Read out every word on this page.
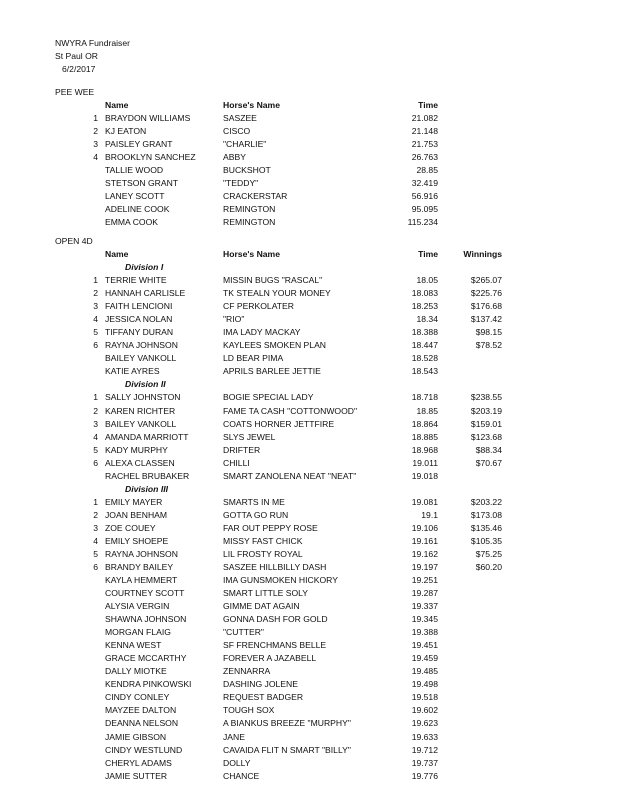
NWYRA Fundraiser
St Paul OR
6/2/2017
PEE WEE
Name	Horse's Name	Time
1 BRAYDON WILLIAMS	SASZEE	21.082
2 KJ EATON	CISCO	21.148
3 PAISLEY GRANT	"CHARLIE"	21.753
4 BROOKLYN SANCHEZ	ABBY	26.763
TALLIE WOOD	BUCKSHOT	28.85
STETSON GRANT	"TEDDY"	32.419
LANEY SCOTT	CRACKERSTAR	56.916
ADELINE COOK	REMINGTON	95.095
EMMA COOK	REMINGTON	115.234
OPEN 4D
Name	Horse's Name	Time	Winnings
Division I
1 TERRIE WHITE	MISSIN BUGS "RASCAL"	18.05	$265.07
2 HANNAH CARLISLE	TK STEALN YOUR MONEY	18.083	$225.76
3 FAITH LENCIONI	CF PERKOLATER	18.253	$176.68
4 JESSICA NOLAN	"RIO"	18.34	$137.42
5 TIFFANY DURAN	IMA LADY MACKAY	18.388	$98.15
6 RAYNA JOHNSON	KAYLEES SMOKEN PLAN	18.447	$78.52
BAILEY VANKOLL	LD BEAR PIMA	18.528
KATIE AYRES	APRILS BARLEE JETTIE	18.543
Division II
1 SALLY JOHNSTON	BOGIE SPECIAL LADY	18.718	$238.55
2 KAREN RICHTER	FAME TA CASH "COTTONWOOD"	18.85	$203.19
3 BAILEY VANKOLL	COATS HORNER JETTFIRE	18.864	$159.01
4 AMANDA MARRIOTT	SLYS JEWEL	18.885	$123.68
5 KADY MURPHY	DRIFTER	18.968	$88.34
6 ALEXA CLASSEN	CHILLI	19.011	$70.67
RACHEL BRUBAKER	SMART ZANOLENA NEAT "NEAT"	19.018
Division III
1 EMILY MAYER	SMARTS IN ME	19.081	$203.22
2 JOAN BENHAM	GOTTA GO RUN	19.1	$173.08
3 ZOE COUEY	FAR OUT PEPPY ROSE	19.106	$135.46
4 EMILY SHOEPE	MISSY FAST CHICK	19.161	$105.35
5 RAYNA JOHNSON	LIL FROSTY ROYAL	19.162	$75.25
6 BRANDY BAILEY	SASZEE HILLBILLY DASH	19.197	$60.20
KAYLA HEMMERT	IMA GUNSMOKEN HICKORY	19.251
COURTNEY SCOTT	SMART LITTLE SOLY	19.287
ALYSIA VERGIN	GIMME DAT AGAIN	19.337
SHAWNA JOHNSON	GONNA DASH FOR GOLD	19.345
MORGAN FLAIG	"CUTTER"	19.388
KENNA WEST	SF FRENCHMANS BELLE	19.451
GRACE MCCARTHY	FOREVER A JAZABELL	19.459
DALLY MIOTKE	ZENNARRA	19.485
KENDRA PINKOWSKI	DASHING JOLENE	19.498
CINDY CONLEY	REQUEST BADGER	19.518
MAYZEE DALTON	TOUGH SOX	19.602
DEANNA NELSON	A BIANKUS BREEZE "MURPHY"	19.623
JAMIE GIBSON	JANE	19.633
CINDY WESTLUND	CAVAIDA FLIT N SMART "BILLY"	19.712
CHERYL ADAMS	DOLLY	19.737
JAMIE SUTTER	CHANCE	19.776
